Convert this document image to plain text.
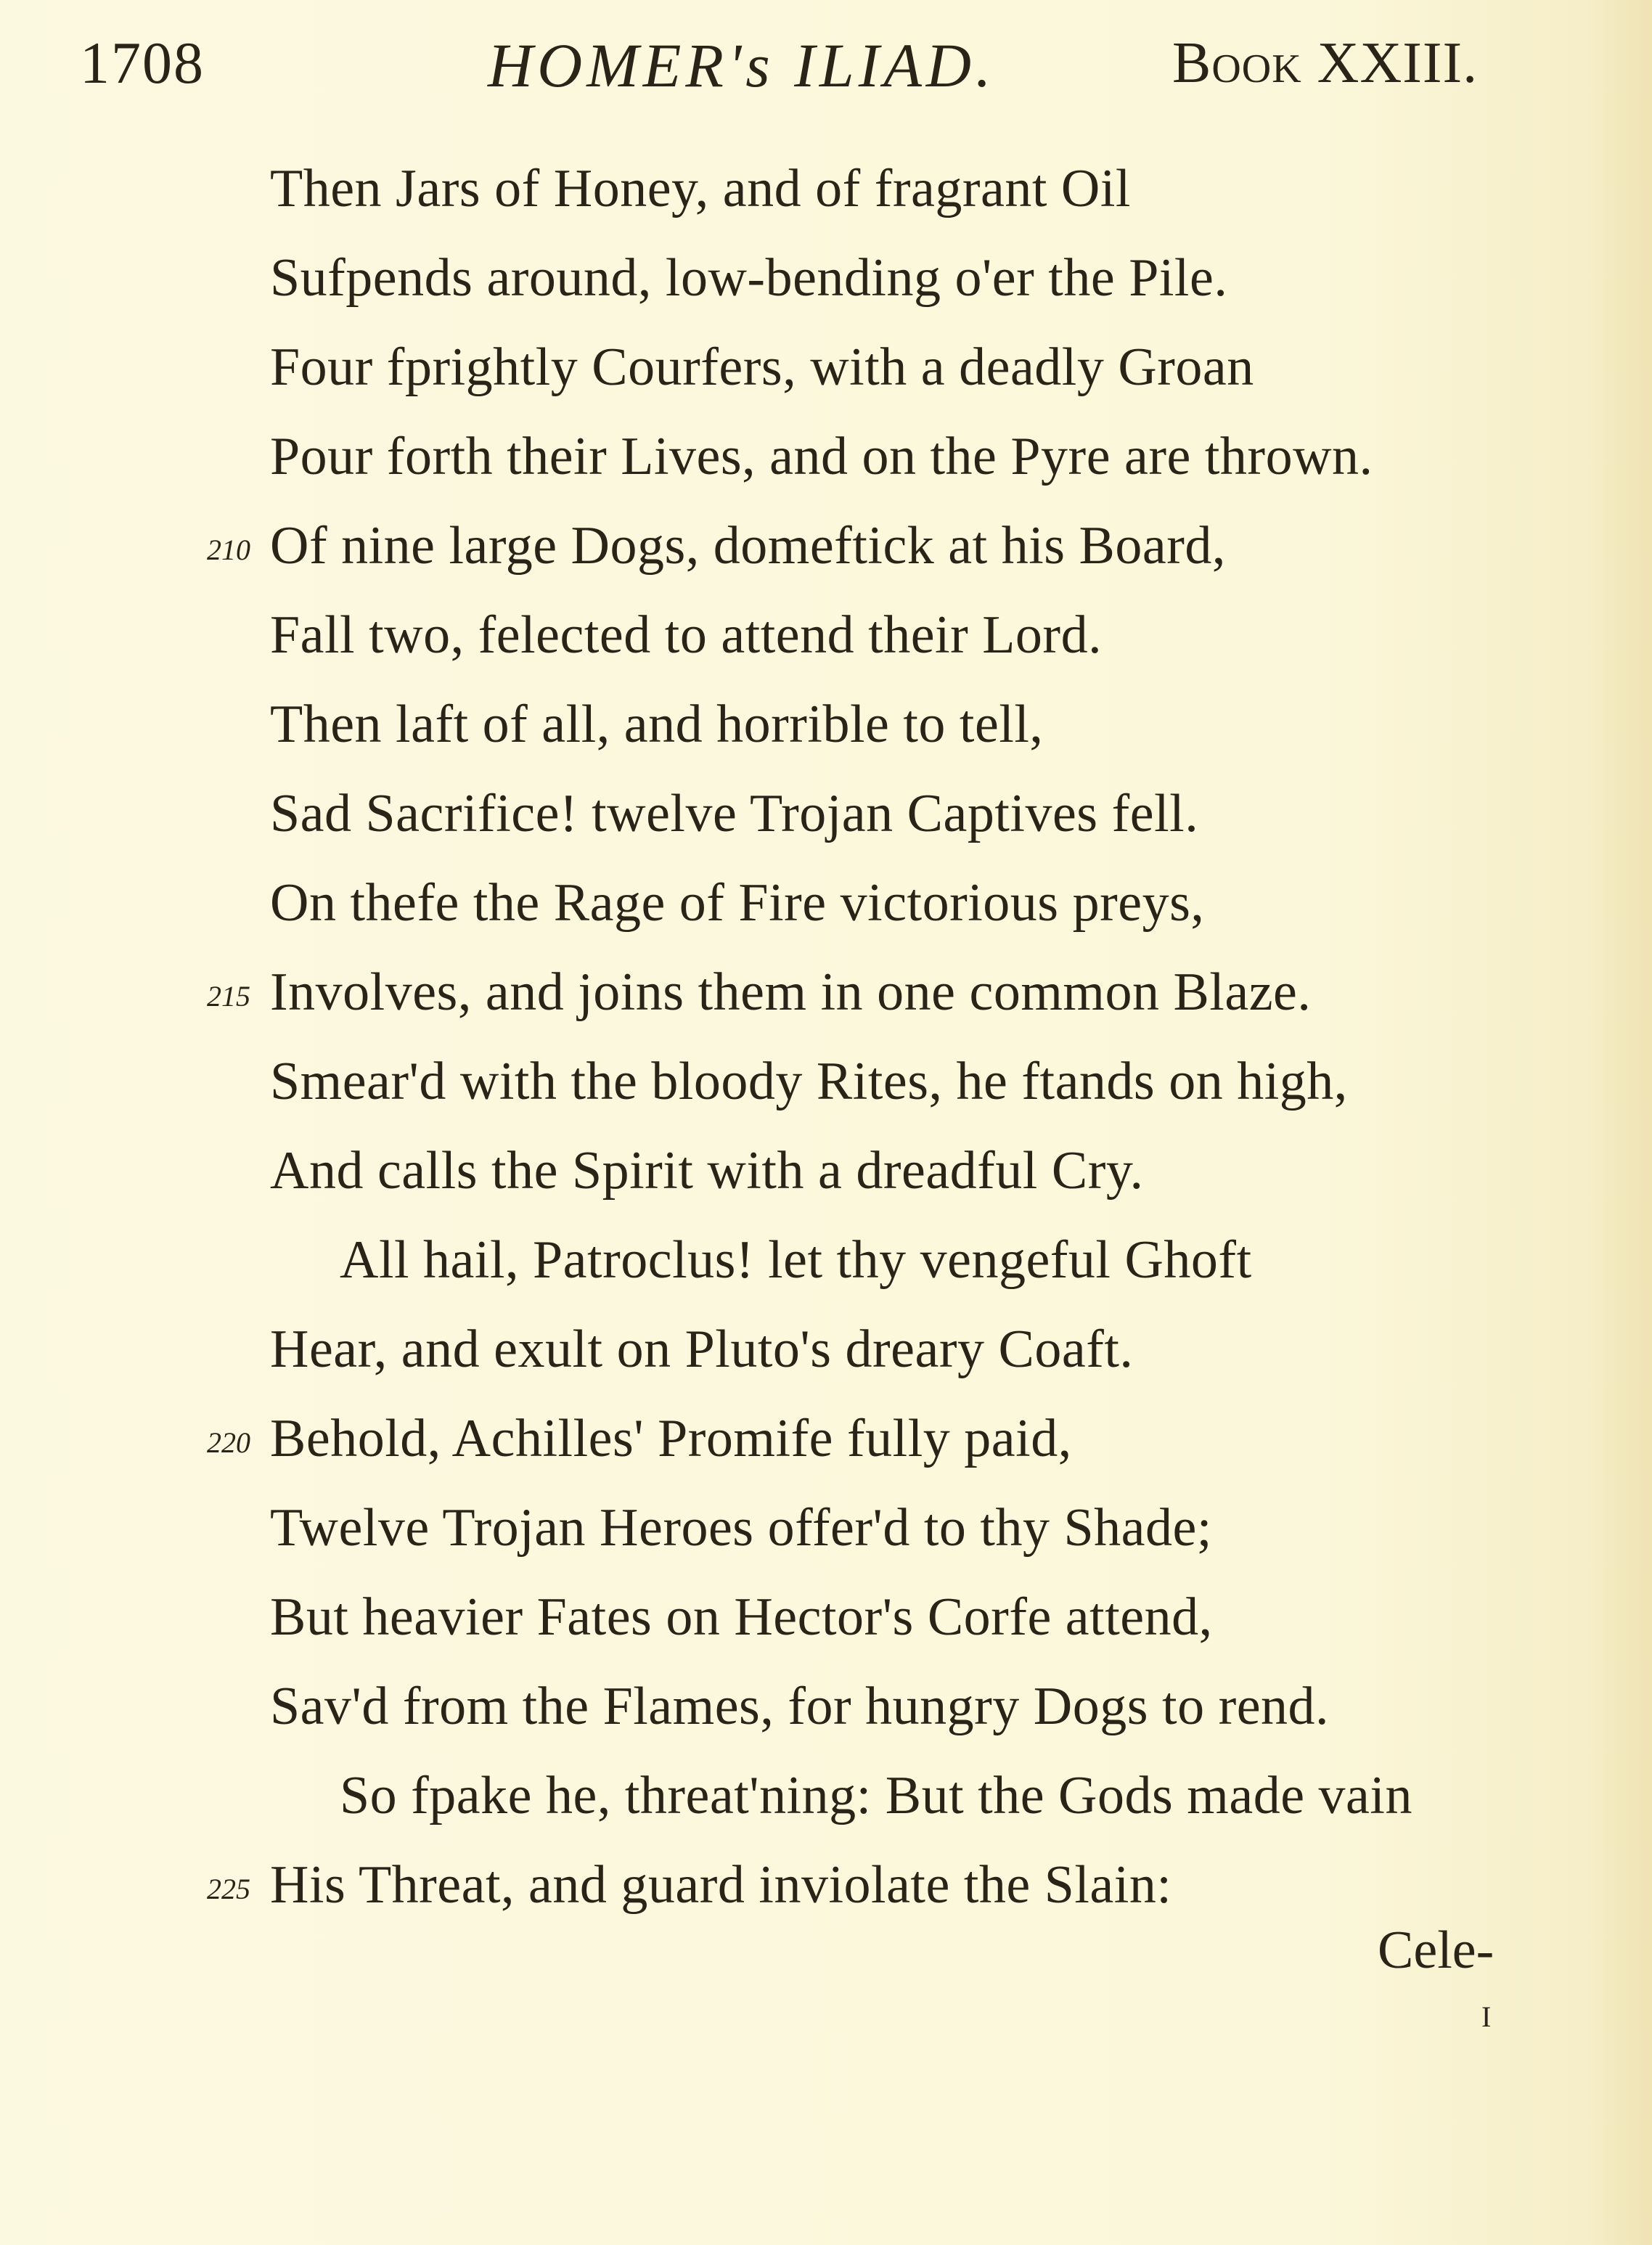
1708	HOMER's ILIAD.	Book XXIII.
Then Jars of Honey, and of fragrant Oil
Sufpends around, low-bending o'er the Pile.
Four fprightly Courfers, with a deadly Groan
Pour forth their Lives, and on the Pyre are thrown.
210 Of nine large Dogs, domeftick at his Board,
Fall two, felected to attend their Lord.
Then laft of all, and horrible to tell,
Sad Sacrifice! twelve Trojan Captives fell.
On thefe the Rage of Fire victorious preys,
215 Involves, and joins them in one common Blaze.
Smear'd with the bloody Rites, he ftands on high,
And calls the Spirit with a dreadful Cry.
All hail, Patroclus! let thy vengeful Ghoft
Hear, and exult on Pluto's dreary Coaft.
220 Behold, Achilles' Promife fully paid,
Twelve Trojan Heroes offer'd to thy Shade;
But heavier Fates on Hector's Corfe attend,
Sav'd from the Flames, for hungry Dogs to rend.
So fpake he, threat'ning: But the Gods made vain
225 His Threat, and guard inviolate the Slain:
Cele-
I
